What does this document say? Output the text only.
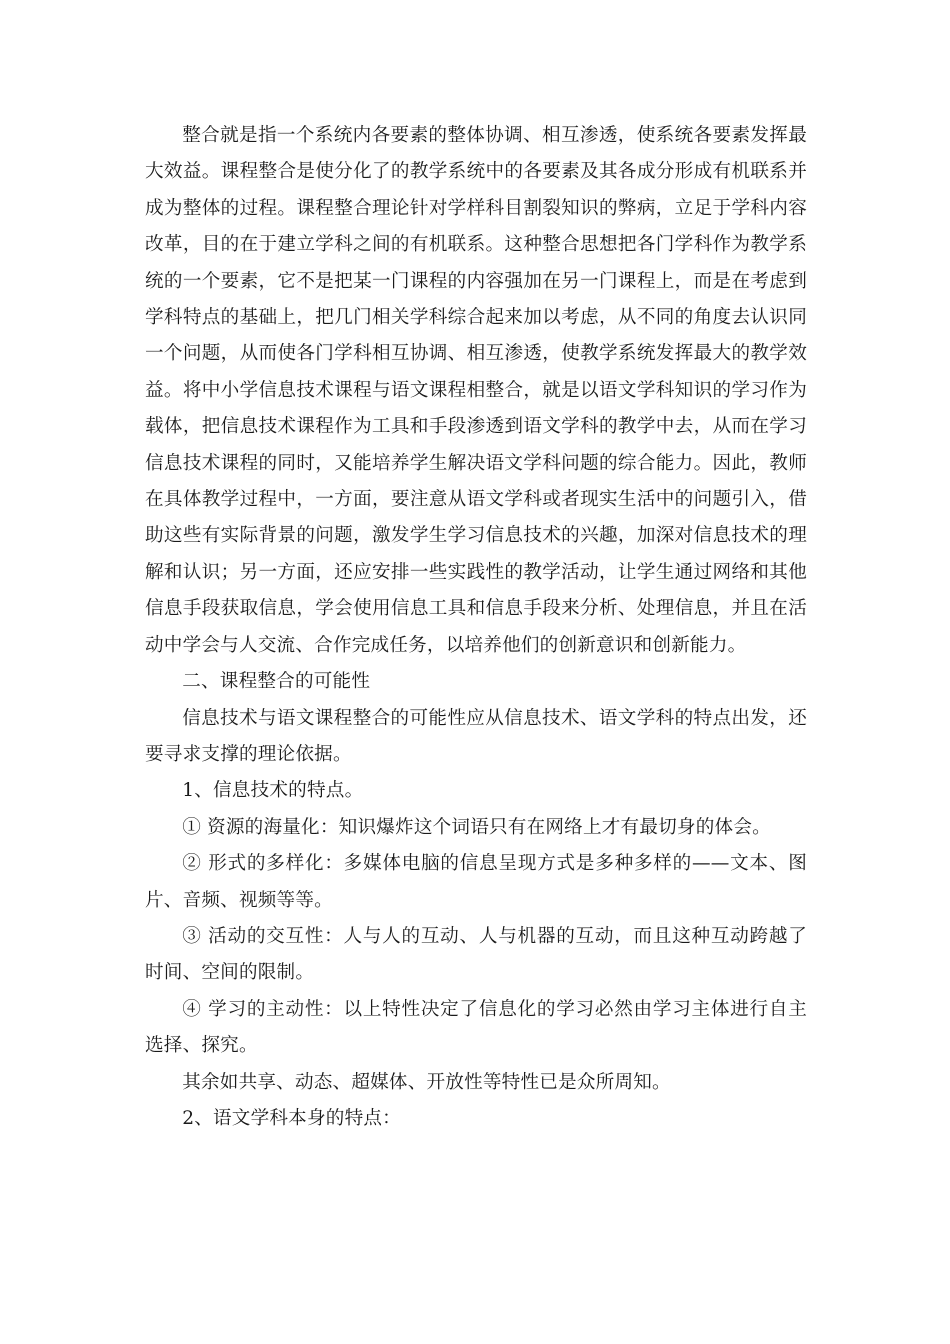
整合就是指一个系统内各要素的整体协调、相互渗透，使系统各要素发挥最大效益。课程整合是使分化了的教学系统中的各要素及其各成分形成有机联系并成为整体的过程。课程整合理论针对学样科目割裂知识的弊病，立足于学科内容改革，目的在于建立学科之间的有机联系。这种整合思想把各门学科作为教学系统的一个要素，它不是把某一门课程的内容强加在另一门课程上，而是在考虑到学科特点的基础上，把几门相关学科综合起来加以考虑，从不同的角度去认识同一个问题，从而使各门学科相互协调、相互渗透，使教学系统发挥最大的教学效益。将中小学信息技术课程与语文课程相整合，就是以语文学科知识的学习作为载体，把信息技术课程作为工具和手段渗透到语文学科的教学中去，从而在学习信息技术课程的同时，又能培养学生解决语文学科问题的综合能力。因此，教师在具体教学过程中，一方面，要注意从语文学科或者现实生活中的问题引入，借助这些有实际背景的问题，激发学生学习信息技术的兴趣，加深对信息技术的理解和认识；另一方面，还应安排一些实践性的教学活动，让学生通过网络和其他信息手段获取信息，学会使用信息工具和信息手段来分析、处理信息，并且在活动中学会与人交流、合作完成任务，以培养他们的创新意识和创新能力。

二、课程整合的可能性

信息技术与语文课程整合的可能性应从信息技术、语文学科的特点出发，还要寻求支撑的理论依据。

1、信息技术的特点。

① 资源的海量化：知识爆炸这个词语只有在网络上才有最切身的体会。

② 形式的多样化：多媒体电脑的信息呈现方式是多种多样的——文本、图片、音频、视频等等。

③ 活动的交互性：人与人的互动、人与机器的互动，而且这种互动跨越了时间、空间的限制。

④ 学习的主动性：以上特性决定了信息化的学习必然由学习主体进行自主选择、探究。

其余如共享、动态、超媒体、开放性等特性已是众所周知。

2、语文学科本身的特点：
